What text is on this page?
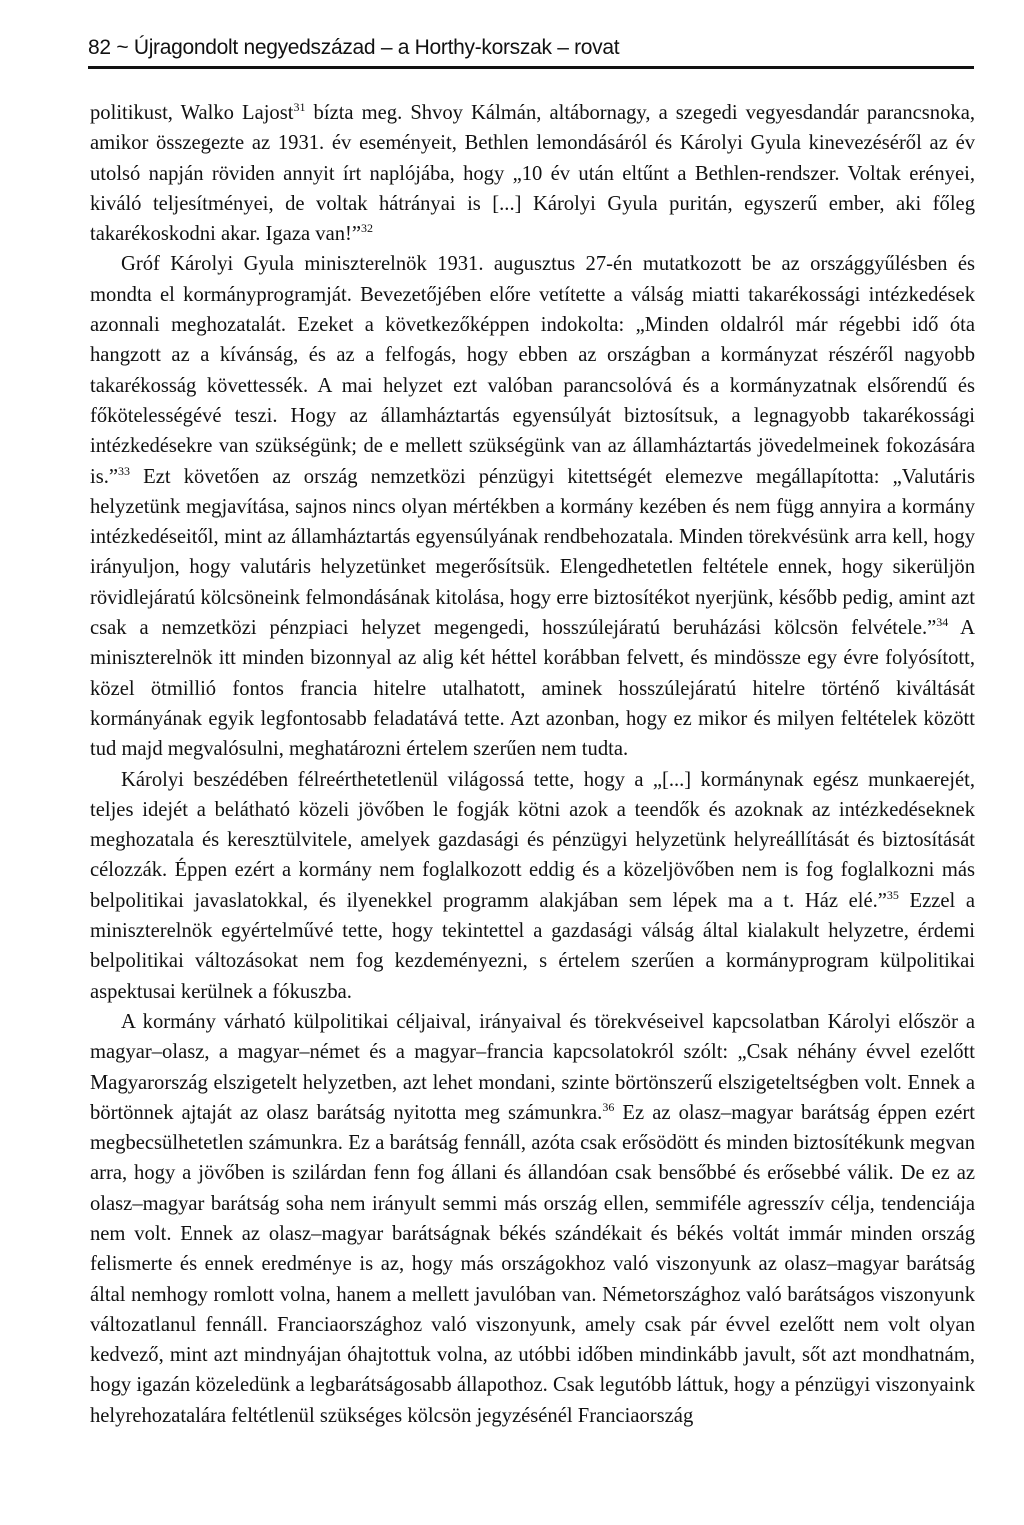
82 ~ Újragondolt negyedszázad – a Horthy-korszak – rovat

politikust, Walko Lajost$^{31}$ bízta meg. Shvoy Kálmán, altábornagy, a szegedi vegyesdandár parancsnoka, amikor összegezte az 1931. év eseményeit, Bethlen lemondásáról és Károlyi Gyula kinevezéséről az év utolsó napján röviden annyit írt naplójába, hogy „10 év után eltűnt a Bethlen-rendszer. Voltak erényei, kiváló teljesítményei, de voltak hátrányai is [...] Károlyi Gyula puritán, egyszerű ember, aki főleg takarékoskodni akar. Igaza van!”$^{32}$

Gróf Károlyi Gyula miniszterelnök 1931. augusztus 27-én mutatkozott be az országgyűlésben és mondta el kormányprogramját. Bevezetőjében előre vetítette a válság miatti takarékossági intézkedések azonnali meghozatalát. Ezeket a következőképpen indokolta: „Minden oldalról már régebbi idő óta hangzott az a kívánság, és az a felfogás, hogy ebben az országban a kormányzat részéről nagyobb takarékosság követtessék. A mai helyzet ezt valóban parancsolóvá és a kormányzatnak elsőrendű és főkötelességévé teszi. Hogy az államháztartás egyensúlyát biztosítsuk, a legnagyobb takarékossági intézkedésekre van szükségünk; de e mellett szükségünk van az államháztartás jövedelmeinek fokozására is.”$^{33}$ Ezt követően az ország nemzetközi pénzügyi kitettségét elemezve megállapította: „Valutáris helyzetünk megjavítása, sajnos nincs olyan mértékben a kormány kezében és nem függ annyira a kormány intézkedéseitől, mint az államháztartás egyensúlyának rendbehozatala. Minden törekvésünk arra kell, hogy irányuljon, hogy valutáris helyzetünket megerősítsük. Elengedhetetlen feltétele ennek, hogy sikerüljön rövidlejáratú kölcsöneink felmondásának kitolása, hogy erre biztosítékot nyerjünk, később pedig, amint azt csak a nemzetközi pénzpiaci helyzet megengedi, hosszúlejáratú beruházási kölcsön felvétele.”$^{34}$ A miniszterelnök itt minden bizonnyal az alig két héttel korábban felvett, és mindössze egy évre folyósított, közel ötmillió fontos francia hitelre utalhatott, aminek hosszúlejáratú hitelre történő kiváltását kormányának egyik legfontosabb feladatává tette. Azt azonban, hogy ez mikor és milyen feltételek között tud majd megvalósulni, meghatározni értelem szerűen nem tudta.

Károlyi beszédében félreérthetetlenül világossá tette, hogy a „[...] kormánynak egész munkaerejét, teljes idejét a belátható közeli jövőben le fogják kötni azok a teendők és azoknak az intézkedéseknek meghozatala és keresztülvitele, amelyek gazdasági és pénzügyi helyzetünk helyreállítását és biztosítását célozzák. Éppen ezért a kormány nem foglalkozott eddig és a közeljövőben nem is fog foglalkozni más belpolitikai javaslatokkal, és ilyenekkel programm alakjában sem lépek ma a t. Ház elé.”$^{35}$ Ezzel a miniszterelnök egyértelművé tette, hogy tekintettel a gazdasági válság által kialakult helyzetre, érdemi belpolitikai változásokat nem fog kezdeményezni, s értelem szerűen a kormányprogram külpolitikai aspektusai kerülnek a fókuszba.

A kormány várható külpolitikai céljaival, irányaival és törekvéseivel kapcsolatban Károlyi először a magyar–olasz, a magyar–német és a magyar–francia kapcsolatokról szólt: „Csak néhány évvel ezelőtt Magyarország elszigetelt helyzetben, azt lehet mondani, szinte börtönszerű elszigeteltségben volt. Ennek a börtönnek ajtaját az olasz barátság nyitotta meg számunkra.$^{36}$ Ez az olasz–magyar barátság éppen ezért megbecsülhetetlen számunkra. Ez a barátság fennáll, azóta csak erősödött és minden biztosítékunk megvan arra, hogy a jövőben is szilárdan fenn fog állani és állandóan csak bensőbbé és erősebbé válik. De ez az olasz–magyar barátság soha nem irányult semmi más ország ellen, semmiféle agresszív célja, tendenciája nem volt. Ennek az olasz–magyar barátságnak békés szándékait és békés voltát immár minden ország felismerte és ennek eredménye is az, hogy más országokhoz való viszonyunk az olasz–magyar barátság által nemhogy romlott volna, hanem a mellett javulóban van. Németországhoz való barátságos viszonyunk változatlanul fennáll. Franciaországhoz való viszonyunk, amely csak pár évvel ezelőtt nem volt olyan kedvező, mint azt mindnyájan óhajtottuk volna, az utóbbi időben mindinkább javult, sőt azt mondhatnám, hogy igazán közeledünk a legbarátságosabb állapothoz. Csak legutóbb láttuk, hogy a pénzügyi viszonyaink helyrehozatalára feltétlenül szükséges kölcsön jegyzésénél Franciaország
